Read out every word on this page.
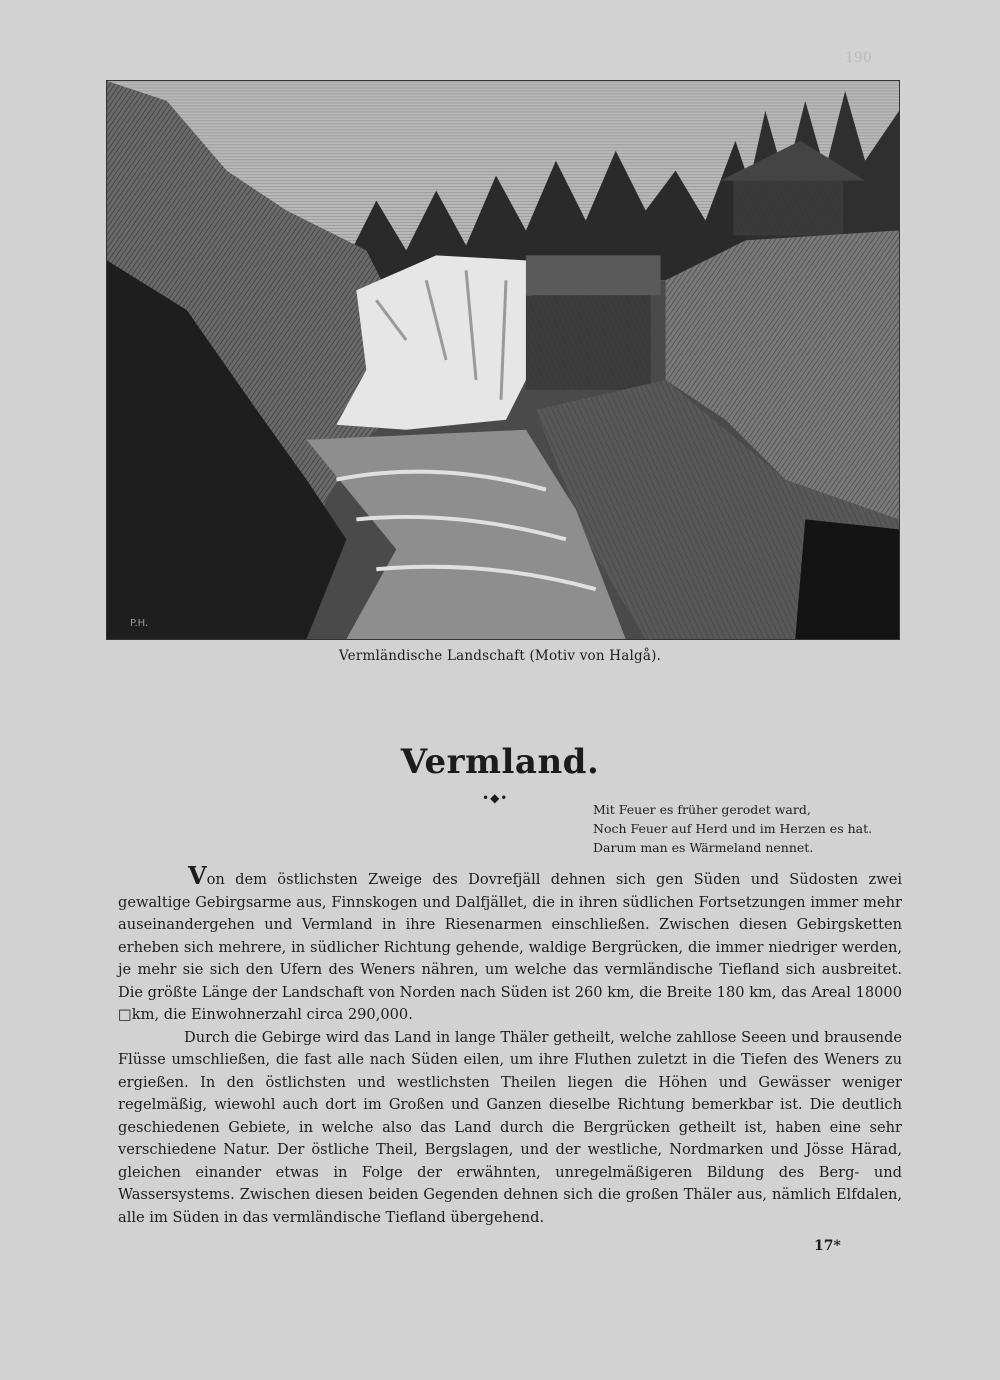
190
P.H.
Vermländische Landschaft (Motiv von Halgå).
Vermland.
•◆•
Mit Feuer es früher gerodet ward,
Noch Feuer auf Herd und im Herzen es hat.
Darum man es Wärmeland nennet.

Von dem östlichsten Zweige des Dovrefjäll dehnen sich gen Süden und Südosten zwei gewaltige Gebirgsarme aus, Finnskogen und Dalfjället, die in ihren südlichen Fortsetzungen immer mehr auseinandergehen und Vermland in ihre Riesenarmen einschließen. Zwischen diesen Gebirgsketten erheben sich mehrere, in südlicher Richtung gehende, waldige Bergrücken, die immer niedriger werden, je mehr sie sich den Ufern des Weners nähren, um welche das vermländische Tiefland sich ausbreitet. Die größte Länge der Landschaft von Norden nach Süden ist 260 km, die Breite 180 km, das Areal 18000 □km, die Einwohnerzahl circa 290,000.

Durch die Gebirge wird das Land in lange Thäler getheilt, welche zahllose Seeen und brausende Flüsse umschließen, die fast alle nach Süden eilen, um ihre Fluthen zuletzt in die Tiefen des Weners zu ergießen. In den östlichsten und westlichsten Theilen liegen die Höhen und Gewässer weniger regelmäßig, wiewohl auch dort im Großen und Ganzen dieselbe Richtung bemerkbar ist. Die deutlich geschiedenen Gebiete, in welche also das Land durch die Bergrücken getheilt ist, haben eine sehr verschiedene Natur. Der östliche Theil, Bergslagen, und der westliche, Nordmarken und Jösse Härad, gleichen einander etwas in Folge der erwähnten, unregelmäßigeren Bildung des Berg- und Wassersystems. Zwischen diesen beiden Gegenden dehnen sich die großen Thäler aus, nämlich Elfdalen, alle im Süden in das vermländische Tiefland übergehend.

17*
